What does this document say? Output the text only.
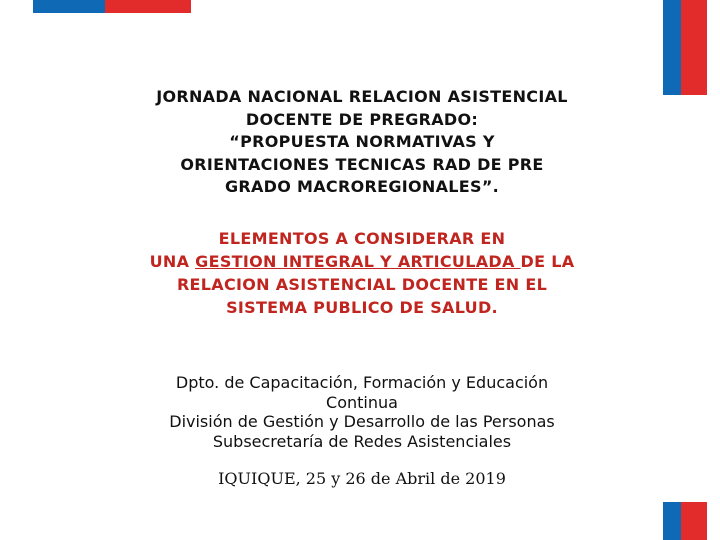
JORNADA NACIONAL RELACION ASISTENCIAL
DOCENTE DE PREGRADO:
“PROPUESTA NORMATIVAS Y
ORIENTACIONES TECNICAS RAD DE PRE
GRADO MACROREGIONALES”.
ELEMENTOS A CONSIDERAR EN
UNA GESTION INTEGRAL Y ARTICULADA DE LA
RELACION ASISTENCIAL DOCENTE EN EL
SISTEMA PUBLICO DE SALUD.
Dpto. de Capacitación, Formación y Educación
Continua
División de Gestión y Desarrollo de las Personas
Subsecretaría de Redes Asistenciales
IQUIQUE, 25 y 26 de Abril de 2019
